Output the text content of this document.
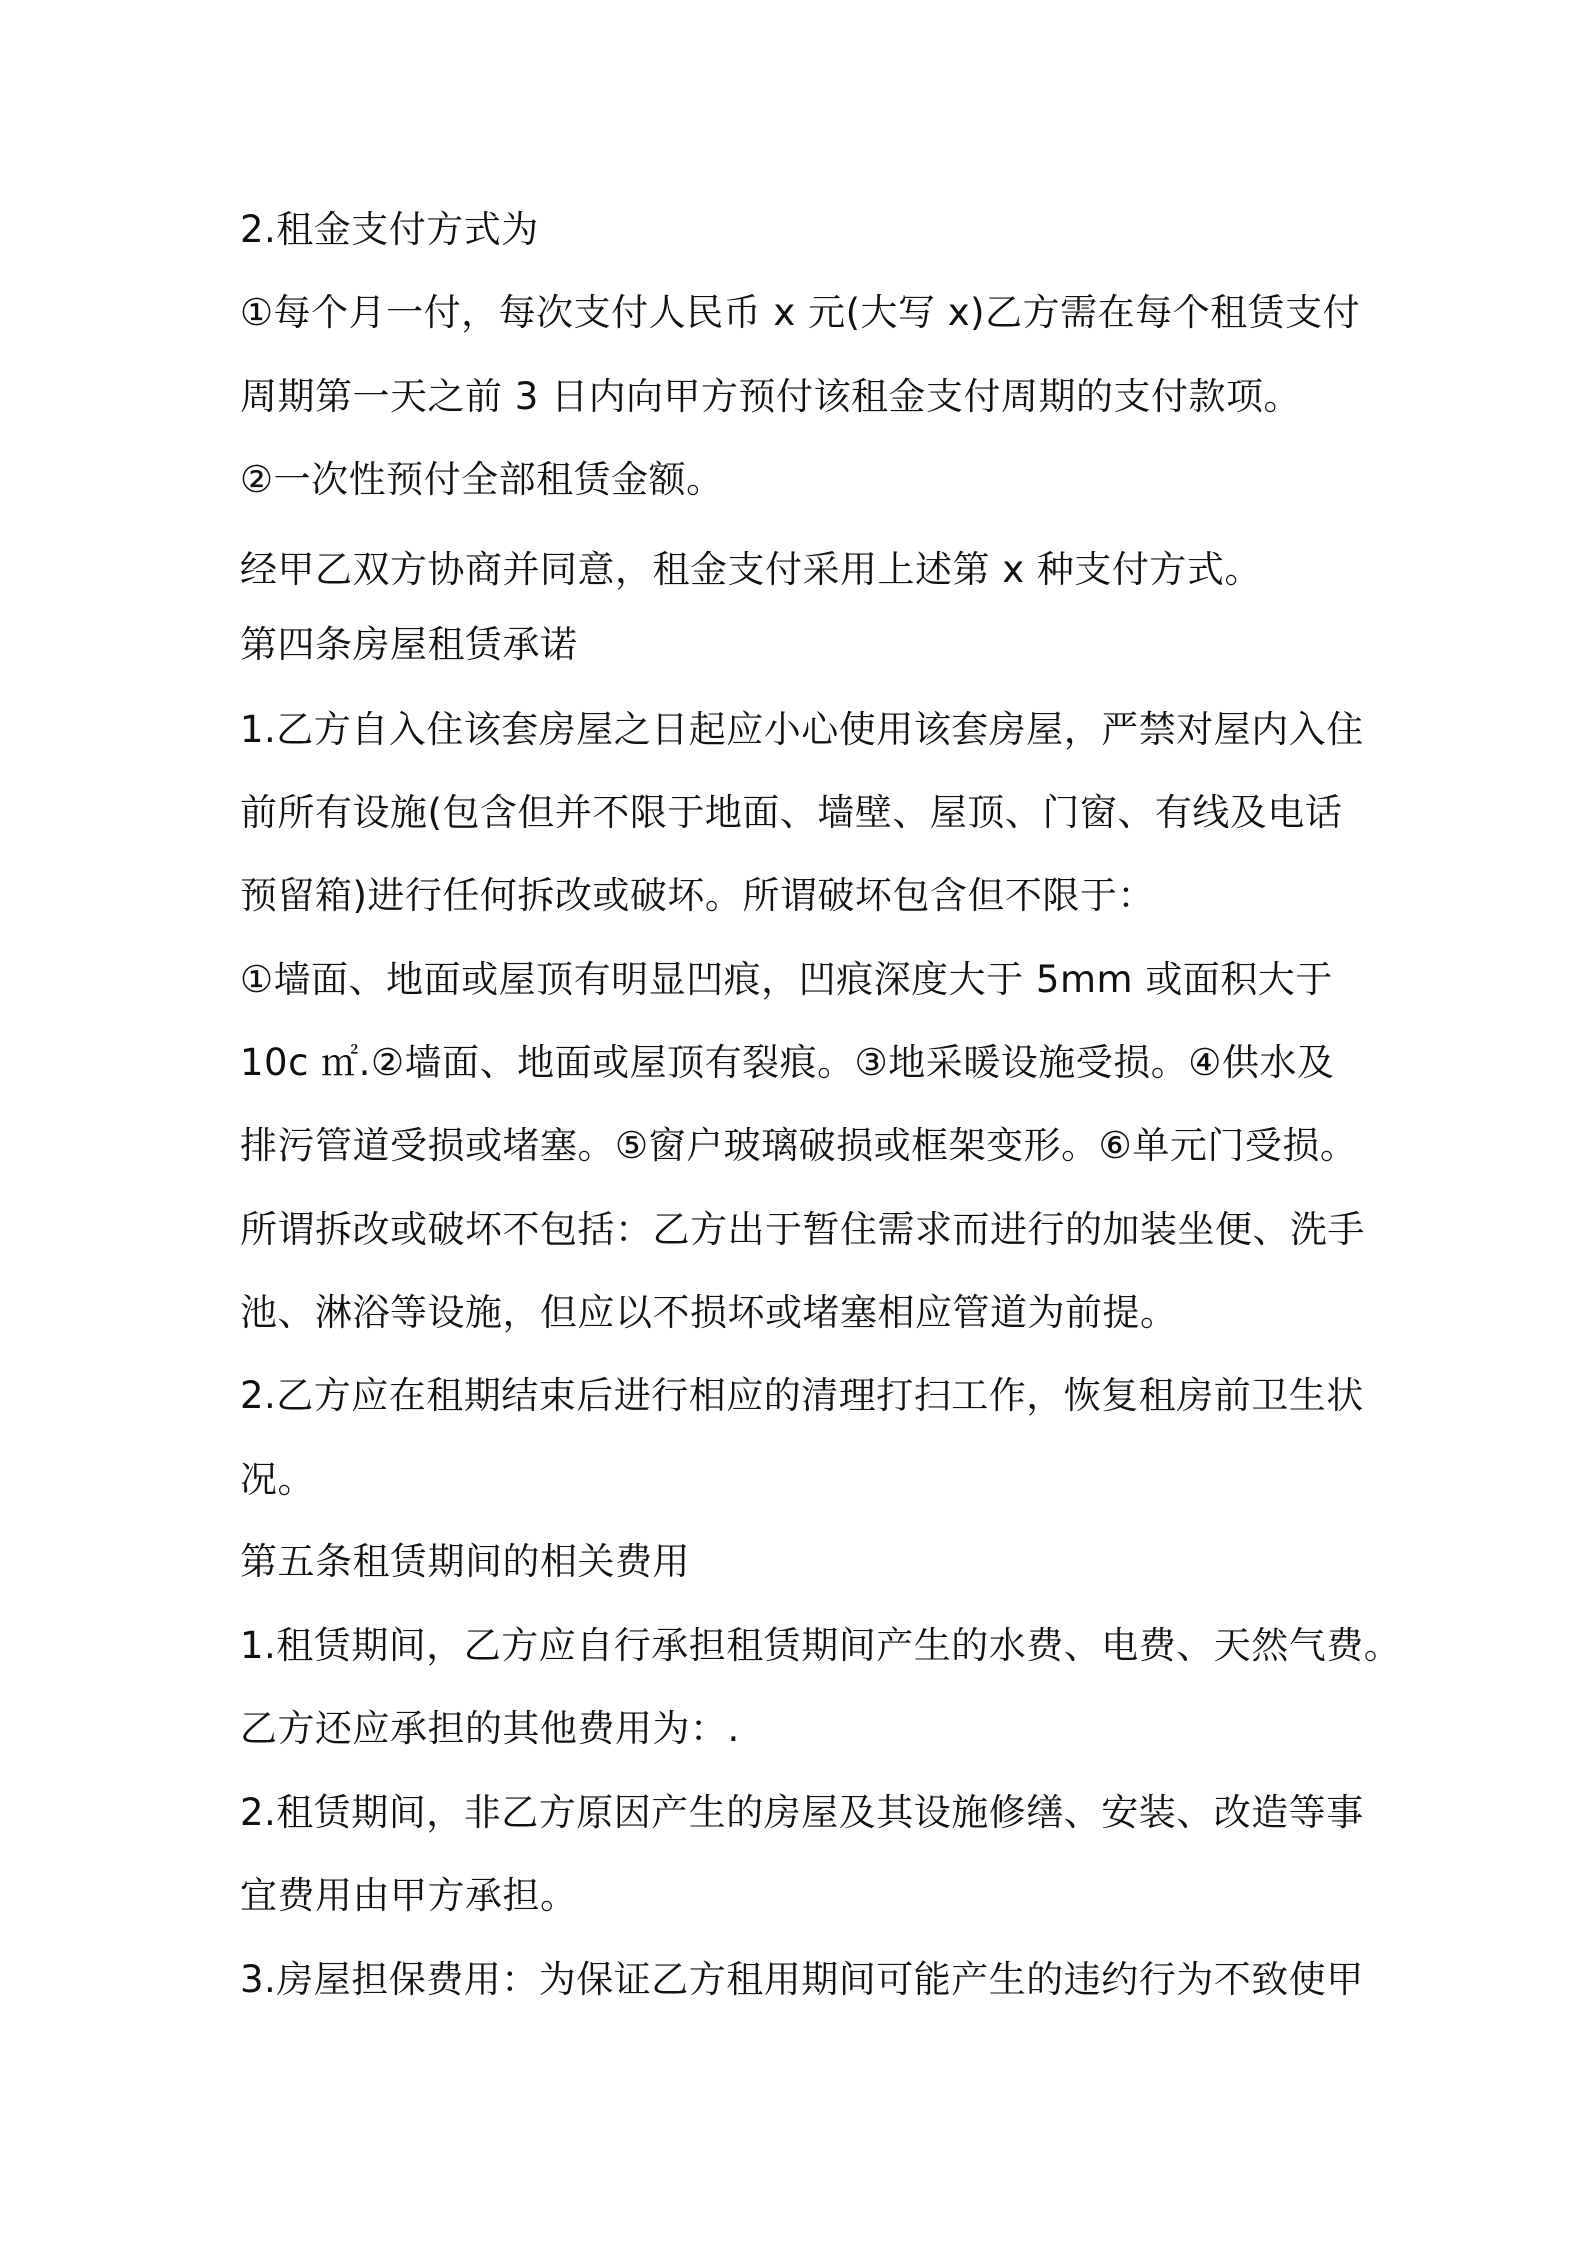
2.租金支付方式为
①每个月一付，每次支付人民币 x 元(大写 x)乙方需在每个租赁支付
周期第一天之前 3 日内向甲方预付该租金支付周期的支付款项。
②一次性预付全部租赁金额。
经甲乙双方协商并同意，租金支付采用上述第 x 种支付方式。
第四条房屋租赁承诺
1.乙方自入住该套房屋之日起应小心使用该套房屋，严禁对屋内入住
前所有设施(包含但并不限于地面、墙壁、屋顶、门窗、有线及电话
预留箱)进行任何拆改或破坏。所谓破坏包含但不限于：
①墙面、地面或屋顶有明显凹痕，凹痕深度大于 5mm 或面积大于
10c ㎡.②墙面、地面或屋顶有裂痕。③地采暖设施受损。④供水及
排污管道受损或堵塞。⑤窗户玻璃破损或框架变形。⑥单元门受损。
所谓拆改或破坏不包括：乙方出于暂住需求而进行的加装坐便、洗手
池、淋浴等设施，但应以不损坏或堵塞相应管道为前提。
2.乙方应在租期结束后进行相应的清理打扫工作，恢复租房前卫生状
况。
第五条租赁期间的相关费用
1.租赁期间，乙方应自行承担租赁期间产生的水费、电费、天然气费。
乙方还应承担的其他费用为：.
2.租赁期间，非乙方原因产生的房屋及其设施修缮、安装、改造等事
宜费用由甲方承担。
3.房屋担保费用：为保证乙方租用期间可能产生的违约行为不致使甲
